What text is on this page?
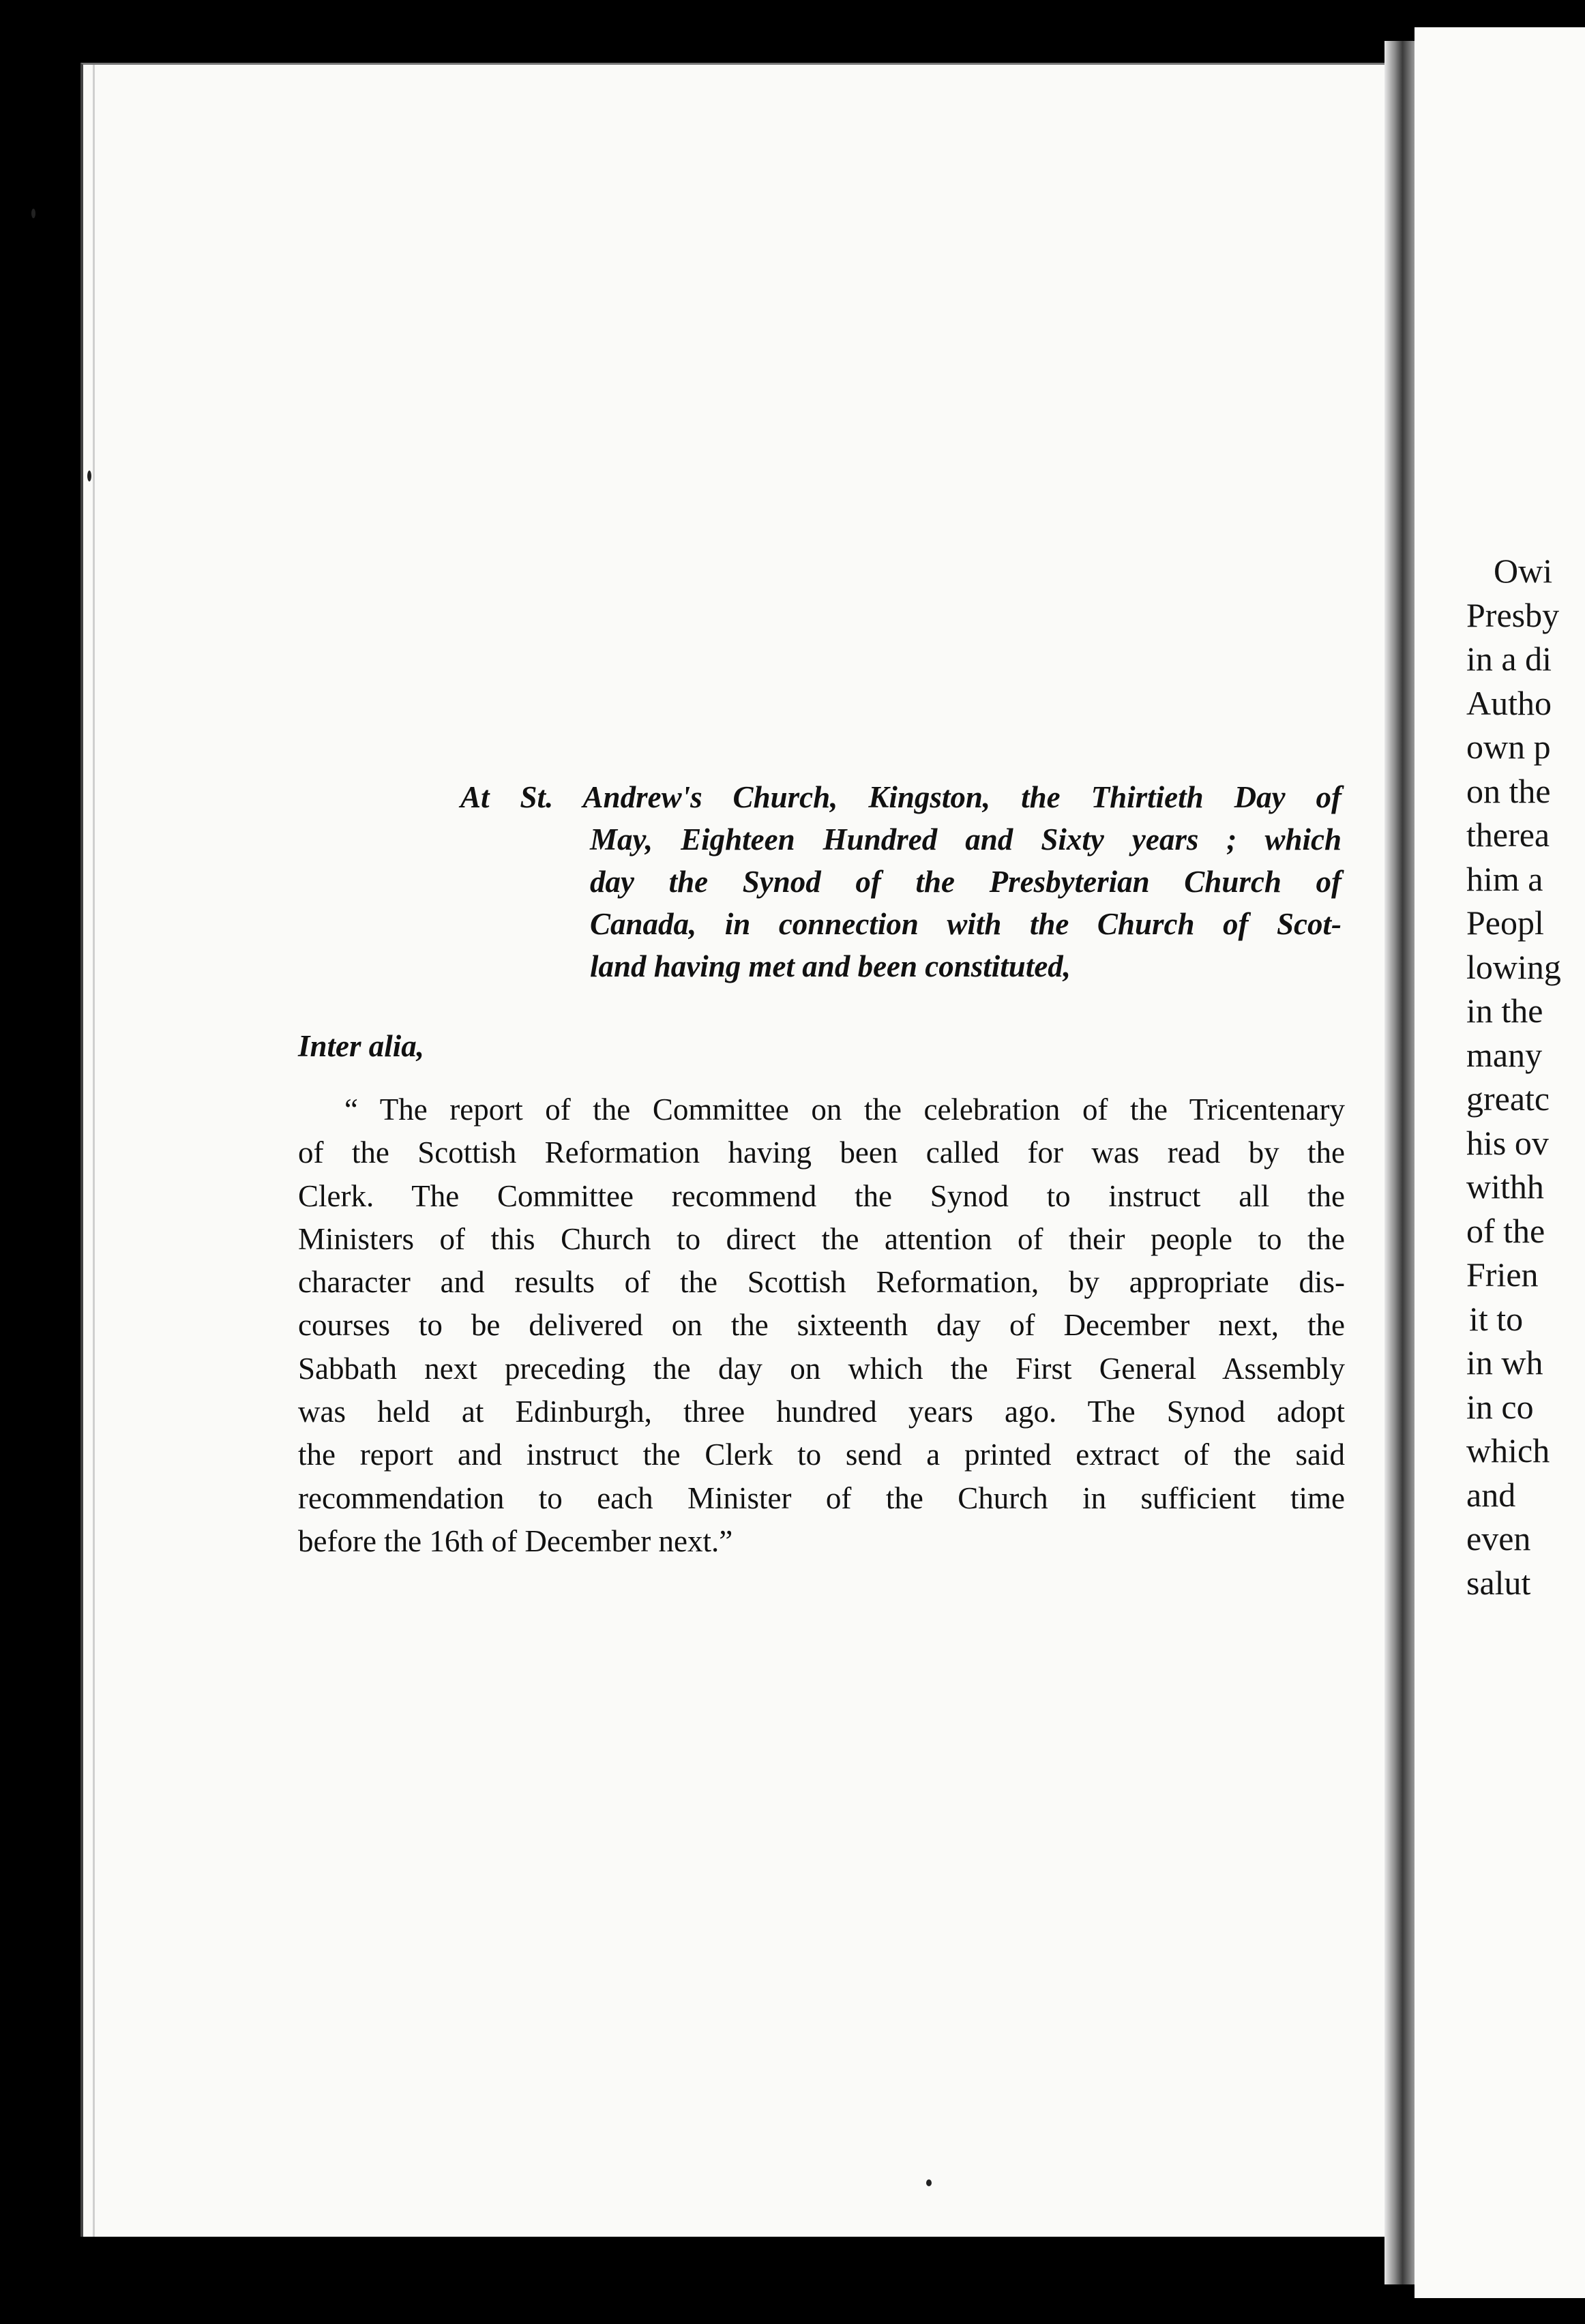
Owi
Presby
in a di
Autho
own p
on the
therea
him a
Peopl
lowing
in the
many
greatc
his ov
withh
of the
Frien
it to
in wh
in co
which
and
even
salut
At St. Andrew's Church, Kingston, the Thirtieth Day of
May, Eighteen Hundred and Sixty years ; which
day the Synod of the Presbyterian Church of
Canada, in connection with the Church of Scot-
land having met and been constituted,
Inter alia,
“ The report of the Committee on the celebration of the Tricentenary
of the Scottish Reformation having been called for was read by the
Clerk. The Committee recommend the Synod to instruct all the
Ministers of this Church to direct the attention of their people to the
character and results of the Scottish Reformation, by appropriate dis-
courses to be delivered on the sixteenth day of December next, the
Sabbath next preceding the day on which the First General Assembly
was held at Edinburgh, three hundred years ago. The Synod adopt
the report and instruct the Clerk to send a printed extract of the said
recommendation to each Minister of the Church in sufficient time
before the 16th of December next.”
